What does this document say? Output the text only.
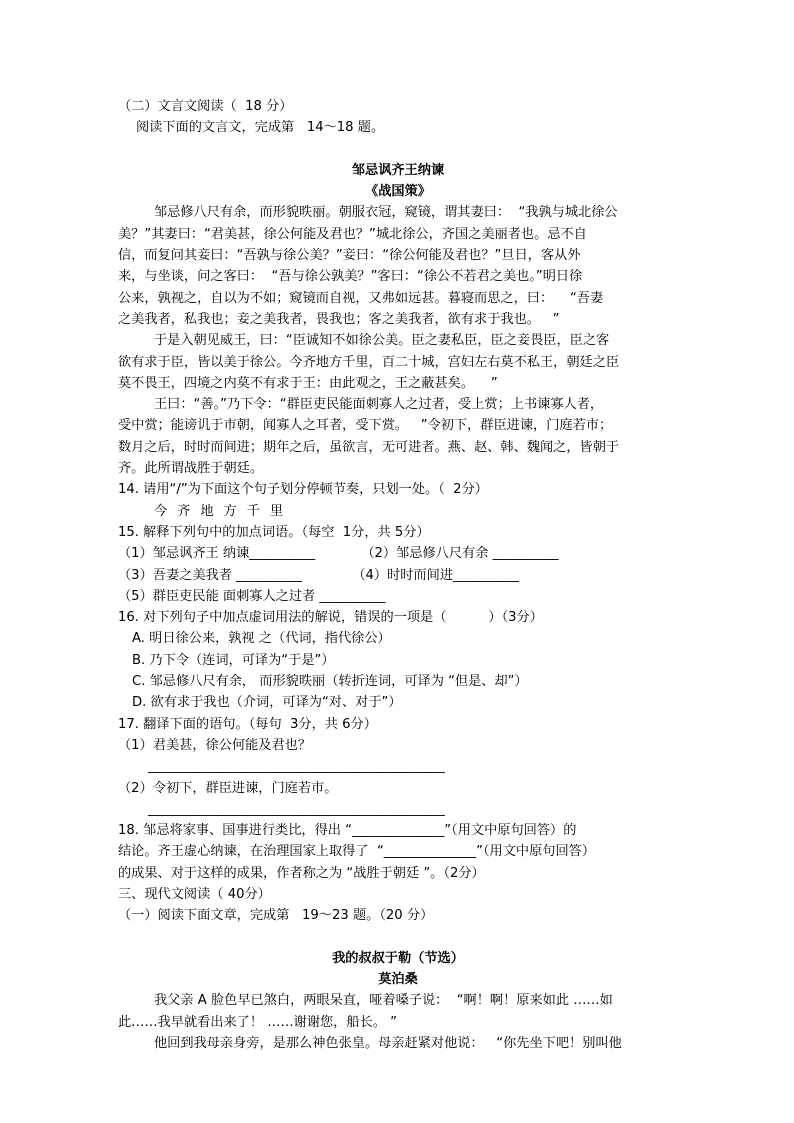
（二）文言文阅读（  18 分）
阅读下面的文言文，完成第   14～18 题。
邹忌讽齐王纳谏
《战国策》
邹忌修八尺有余，而形貌昳丽。朝服衣冠，窥镜，谓其妻曰：  “我孰与城北徐公
美？”其妻曰：“君美甚，徐公何能及君也？”城北徐公，齐国之美丽者也。忌不自
信，而复问其妾曰：“吾孰与徐公美？”妾曰：“徐公何能及君也？”旦日，客从外
来，与坐谈，问之客曰：  “吾与徐公孰美？”客曰：“徐公不若君之美也。”明日徐
公来，孰视之，自以为不如；窥镜而自视，又弗如远甚。暮寝而思之，曰：    “吾妻
之美我者，私我也；妾之美我者，畏我也；客之美我者，欲有求于我也。   ”
于是入朝见威王，曰：“臣诚知不如徐公美。臣之妻私臣，臣之妾畏臣，臣之客
欲有求于臣，皆以美于徐公。今齐地方千里，百二十城，宫妇左右莫不私王，朝廷之臣
莫不畏王，四境之内莫不有求于王：由此观之，王之蔽甚矣。    ”
王曰：“善。”乃下令：“群臣吏民能面刺寡人之过者，受上赏；上书谏寡人者，
受中赏；能谤讥于市朝，闻寡人之耳者，受下赏。   ”令初下，群臣进谏，门庭若市；
数月之后，时时而间进；期年之后，虽欲言，无可进者。燕、赵、韩、魏闻之，皆朝于
齐。此所谓战胜于朝廷。
14. 请用“/”为下面这个句子划分停顿节奏，只划一处。（  2分）
今齐地方千里
15. 解释下列句中的加点词语。（每空  1分，共 5分）
（1）邹忌讽齐王 纳谏__________           （2）邹忌修八尺有余 __________
（3）吾妻之美我者 __________            （4）时时而间进__________
（5）群臣吏民能 面刺寡人之过者 __________
16. 对下列句子中加点虚词用法的解说，错误的一项是（          ）（3分）
A. 明日徐公来，孰视 之（代词，指代徐公）
B. 乃下令（连词，可译为“于是”）
C. 邹忌修八尺有余， 而形貌昳丽（转折连词，可译为 “但是、却”）
D. 欲有求于我也（介词，可译为“对、对于”）
17. 翻译下面的语句。（每句  3分，共 6分）
（1）君美甚，徐公何能及君也？
_____________________________________________
（2）令初下，群臣进谏，门庭若市。
_____________________________________________
18. 邹忌将家事、国事进行类比，得出 “______________”（用文中原句回答）的
结论。齐王虚心纳谏，在治理国家上取得了  “______________”（用文中原句回答）
的成果、对于这样的成果，作者称之为 “战胜于朝廷 ”。（2分）
三、现代文阅读（ 40分）
（一）阅读下面文章，完成第   19～23 题。（20 分）
我的叔叔于勒（节选）
莫泊桑
我父亲 A 脸色早已煞白，两眼呆直，哑着嗓子说：  “啊！啊！原来如此 ……如
此……我早就看出来了！ ……谢谢您，船长。 ”
他回到我母亲身旁，是那么神色张皇。母亲赶紧对他说：   “你先坐下吧！别叫他
